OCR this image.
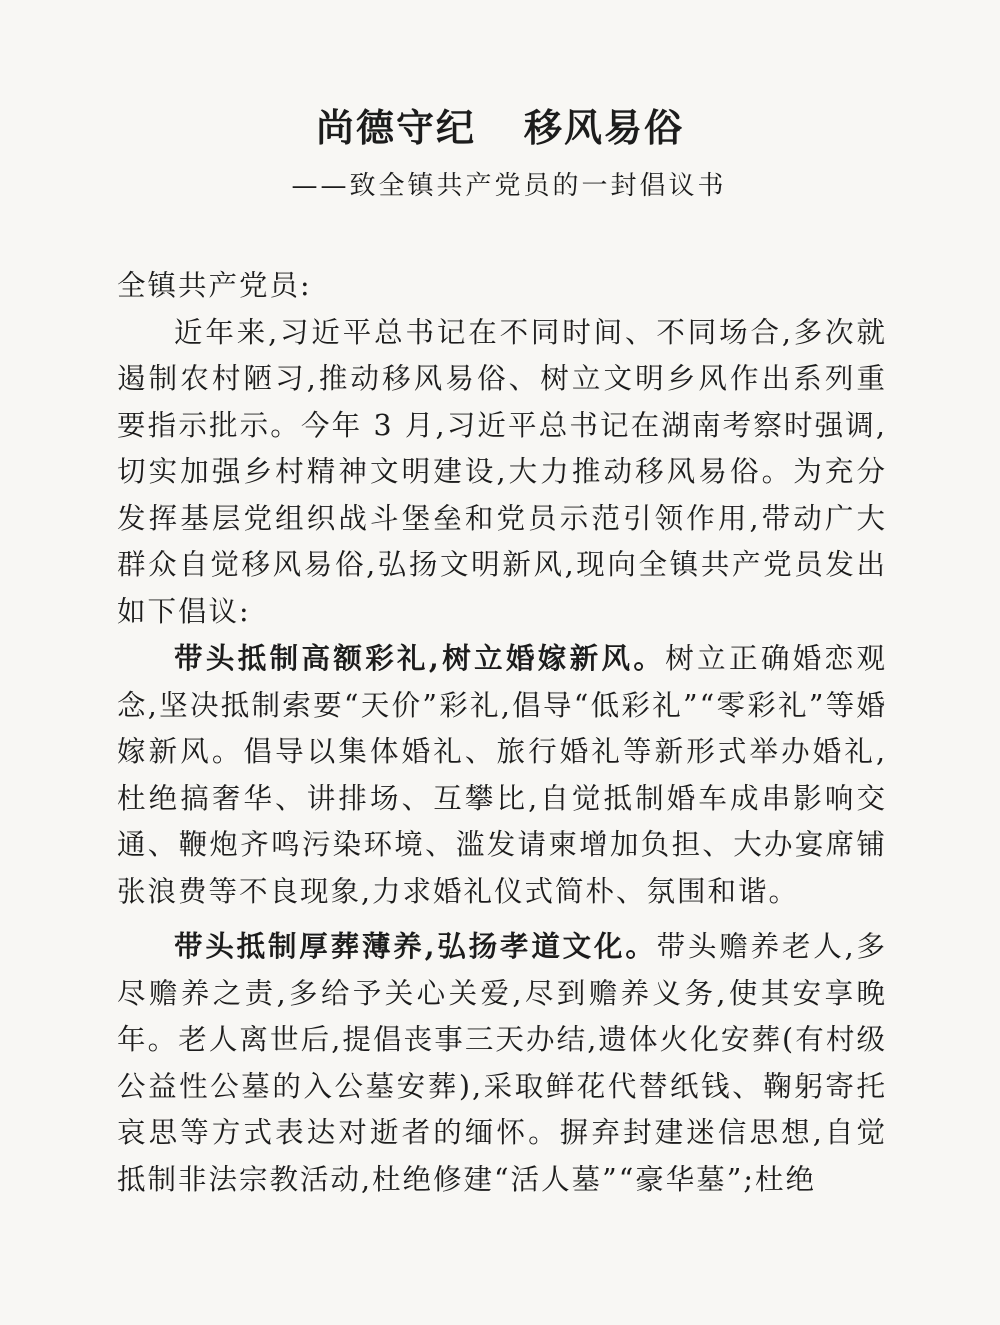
尚德守纪 移风易俗
——致全镇共产党员的一封倡议书

全镇共产党员:

近年来,习近平总书记在不同时间、不同场合,多次就遏制农村陋习,推动移风易俗、树立文明乡风作出系列重要指示批示。今年 3 月,习近平总书记在湖南考察时强调,切实加强乡村精神文明建设,大力推动移风易俗。为充分发挥基层党组织战斗堡垒和党员示范引领作用,带动广大群众自觉移风易俗,弘扬文明新风,现向全镇共产党员发出如下倡议:

带头抵制高额彩礼,树立婚嫁新风。树立正确婚恋观念,坚决抵制索要“天价”彩礼,倡导“低彩礼”“零彩礼”等婚嫁新风。倡导以集体婚礼、旅行婚礼等新形式举办婚礼,杜绝搞奢华、讲排场、互攀比,自觉抵制婚车成串影响交通、鞭炮齐鸣污染环境、滥发请柬增加负担、大办宴席铺张浪费等不良现象,力求婚礼仪式简朴、氛围和谐。

带头抵制厚葬薄养,弘扬孝道文化。带头赡养老人,多尽赡养之责,多给予关心关爱,尽到赡养义务,使其安享晚年。老人离世后,提倡丧事三天办结,遗体火化安葬(有村级公益性公墓的入公墓安葬),采取鲜花代替纸钱、鞠躬寄托哀思等方式表达对逝者的缅怀。摒弃封建迷信思想,自觉抵制非法宗教活动,杜绝修建“活人墓”“豪华墓”;杜绝
